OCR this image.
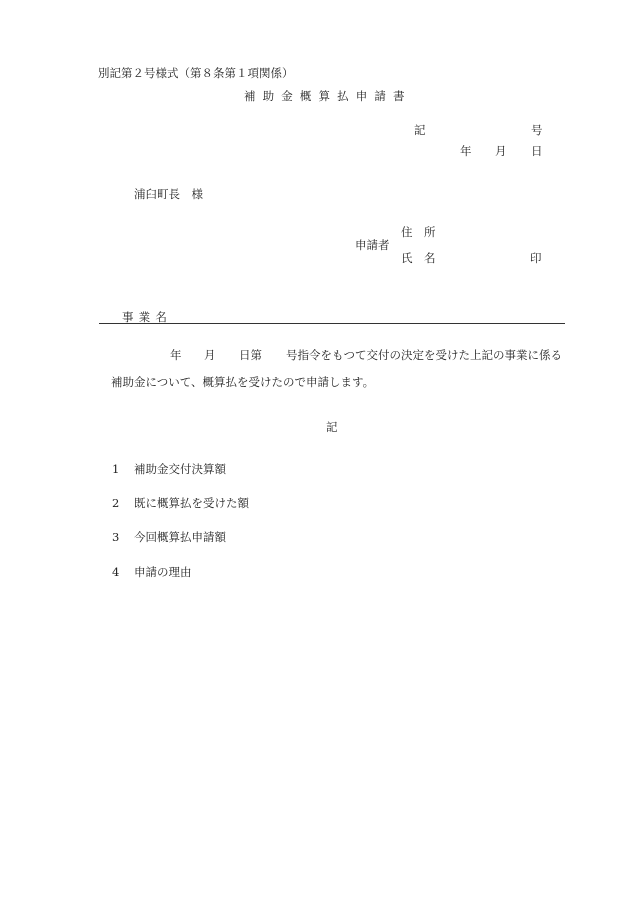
別記第２号様式（第８条第１項関係）
補助金概算払申請書
記	号
年 月 日
浦臼町長　様
住　所
申請者
氏　名	印
事業名
年 月 日第 号指令をもつて交付の決定を受けた上記の事業に係る
補助金について、概算払を受けたので申請します。
記
1 補助金交付決算額
2 既に概算払を受けた額
3 今回概算払申請額
4 申請の理由
